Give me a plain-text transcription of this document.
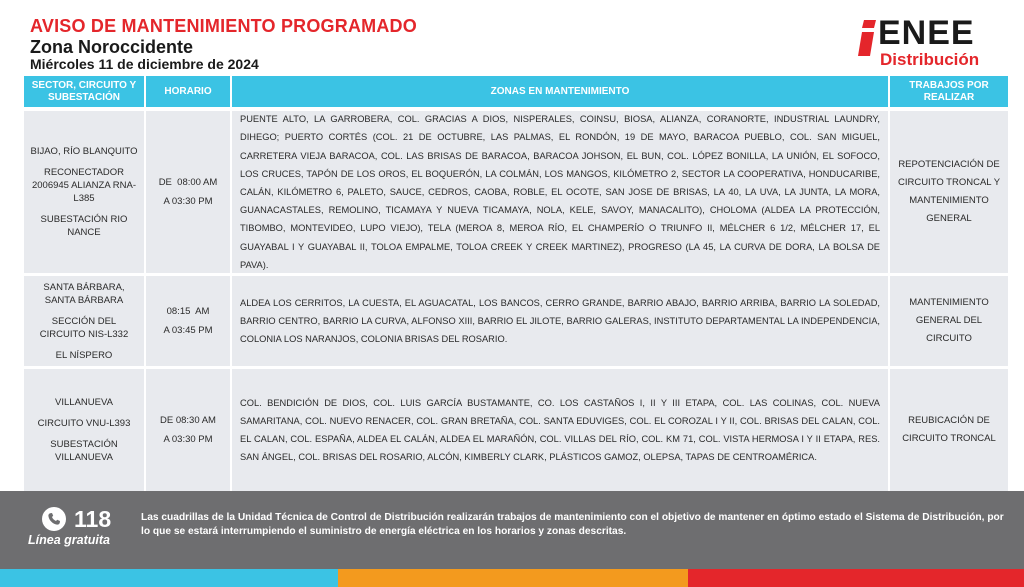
AVISO DE MANTENIMIENTO PROGRAMADO
Zona Noroccidente
Miércoles 11 de diciembre de 2024
ENEE
Distribución
SECTOR, CIRCUITO Y SUBESTACIÓN
HORARIO	ZONAS EN MANTENIMIENTO
TRABAJOS POR REALIZAR

BIJAO, RÍO BLANQUITO

RECONECTADOR 2006945 ALIANZA RNA-L385

SUBESTACIÓN RIO NANCE

DE  08:00 AM
A 03:30 PM
PUENTE ALTO, LA GARROBERA, COL. GRACIAS A DIOS, NISPERALES, COINSU, BIOSA, ALIANZA, CORANORTE, INDUSTRIAL LAUNDRY, DIHEGO; PUERTO CORTÉS (COL. 21 DE OCTUBRE, LAS PALMAS, EL RONDÓN, 19 DE MAYO, BARACOA PUEBLO, COL. SAN MIGUEL, CARRETERA VIEJA BARACOA, COL. LAS BRISAS DE BARACOA, BARACOA JOHSON, EL BUN, COL. LÓPEZ BONILLA, LA UNIÓN, EL SOFOCO, LOS CRUCES, TAPÓN DE LOS OROS, EL BOQUERÓN, LA COLMÁN, LOS MANGOS, KILÓMETRO 2, SECTOR LA COOPERATIVA, HONDUCARIBE, CALÁN, KILÓMETRO 6, PALETO, SAUCE, CEDROS, CAOBA, ROBLE, EL OCOTE, SAN JOSE DE BRISAS, LA 40, LA UVA, LA JUNTA, LA MORA, GUANACASTALES, REMOLINO, TICAMAYA Y NUEVA TICAMAYA, NOLA, KELE, SAVOY, MANACALITO), CHOLOMA (ALDEA LA PROTECCIÓN, TIBOMBO, MONTEVIDEO, LUPO VIEJO), TELA (MEROA 8, MEROA RÍO, EL CHAMPERÍO O TRIUNFO II, MÉLCHER 6 1/2, MÉLCHER 17, EL GUAYABAL I Y GUAYABAL II, TOLOA EMPALME, TOLOA CREEK Y CREEK MARTINEZ), PROGRESO (LA 45, LA CURVA DE DORA, LA BOLSA DE PAVA).
REPOTENCIACIÓN DE CIRCUITO TRONCAL Y MANTENIMIENTO GENERAL

SANTA BÁRBARA, SANTA BÁRBARA

SECCIÓN DEL CIRCUITO NIS-L332

EL NÍSPERO

08:15  AM
A 03:45 PM
ALDEA LOS CERRITOS, LA CUESTA, EL AGUACATAL, LOS BANCOS, CERRO GRANDE, BARRIO ABAJO, BARRIO ARRIBA, BARRIO LA SOLEDAD, BARRIO CENTRO, BARRIO LA CURVA, ALFONSO XIII, BARRIO EL JILOTE, BARRIO GALERAS, INSTITUTO DEPARTAMENTAL LA INDEPENDENCIA, COLONIA LOS NARANJOS, COLONIA BRISAS DEL ROSARIO.
MANTENIMIENTO GENERAL DEL CIRCUITO

VILLANUEVA

CIRCUITO VNU-L393

SUBESTACIÓN VILLANUEVA

DE 08:30 AM
A 03:30 PM
COL. BENDICIÓN DE DIOS, COL. LUIS GARCÍA BUSTAMANTE, CO. LOS CASTAÑOS I, II Y III ETAPA, COL. LAS COLINAS, COL. NUEVA SAMARITANA, COL. NUEVO RENACER, COL. GRAN BRETAÑA, COL. SANTA EDUVIGES, COL. EL COROZAL I Y II, COL. BRISAS DEL CALAN, COL. EL CALAN, COL. ESPAÑA, ALDEA EL CALÁN, ALDEA EL MARAÑÓN, COL. VILLAS DEL RÍO, COL. KM 71, COL. VISTA HERMOSA I Y II ETAPA, RES. SAN ÁNGEL, COL. BRISAS DEL ROSARIO, ALCÓN, KIMBERLY CLARK, PLÁSTICOS GAMOZ, OLEPSA, TAPAS DE CENTROAMÉRICA.
REUBICACIÓN DE CIRCUITO TRONCAL
118
Línea gratuita
Las cuadrillas de la Unidad Técnica de Control de Distribución realizarán trabajos de mantenimiento con el objetivo de mantener en óptimo estado el Sistema de Distribución, por lo que se estará interrumpiendo el suministro de energía eléctrica en los horarios y zonas descritas.
